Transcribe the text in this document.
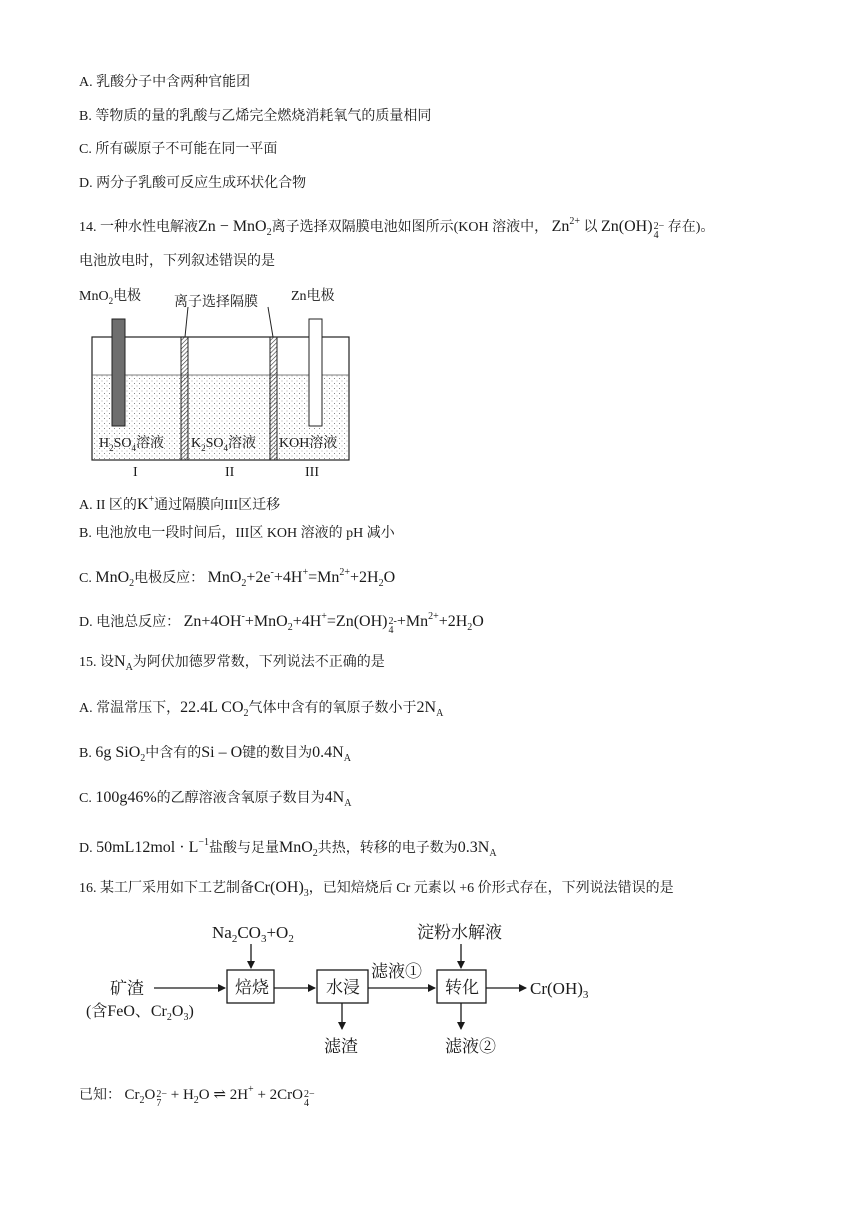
A. 乳酸分子中含两种官能团
B. 等物质的量的乳酸与乙烯完全燃烧消耗氧气的质量相同
C. 所有碳原子不可能在同一平面
D. 两分子乳酸可反应生成环状化合物
14. 一种水性电解液Zn − MnO$_2$离子选择双隔膜电池如图所示(KOH 溶液中， $Zn^{2+}$ 以 Zn(OH) 2−
4
存在)。
电池放电时，下列叙述错误的是
MnO$_2$电极 离子选择隔膜 Zn电极
$H_2SO_4$溶液 $K_2SO_4$溶液 KOH溶液
I	II	III
A. II 区的K+通过隔膜向III区迁移
B. 电池放电一段时间后，III区 KOH 溶液的 pH 减小
C. MnO$_2$电极反应： $MnO_2+2e^-+4H^+=Mn^{2+}+2H_2O$
D. 电池总反应： Zn+4OH-+MnO$_2$+4H+=Zn(OH) 2-
4
$+Mn^{2+}+2H_2O$
15. 设$N_A$为阿伏加德罗常数，下列说法不正确的是
A. 常温常压下，22.4L $CO_2$气体中含有的氧原子数小于$2N_A$
B. 6g SiO$_2$中含有的Si – O键的数目为$0.4N_A$
C. 100g46%的乙醇溶液含氧原子数目为$4N_A$
D. $50mL12mol \cdot L^{-1}$盐酸与足量MnO$_2$共热，转移的电子数为$0.3N_A$
16. 某工厂采用如下工艺制备$Cr(OH)_3$，已知焙烧后 Cr 元素以 +6 价形式存在，下列说法错误的是
$Na_2CO_3+O_2$
矿渣
(含FeO、$Cr_2O_3$)
焙烧	水浸
滤渣
滤液①
淀粉水解液
转化
滤液②
$Cr(OH)_3$
已知： $Cr_2O$ 2−
7
+ $H_2O$ ⇌ 2H+ + 2CrO 2−
4
